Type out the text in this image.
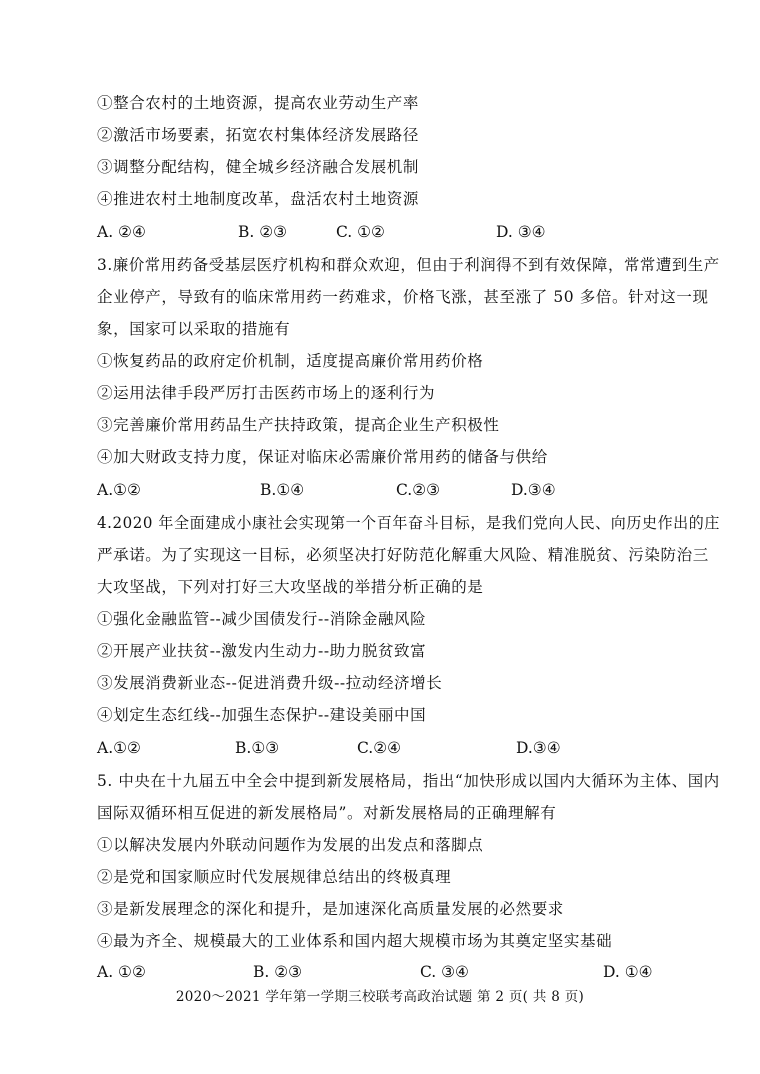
①整合农村的土地资源，提高农业劳动生产率
②激活市场要素，拓宽农村集体经济发展路径
③调整分配结构，健全城乡经济融合发展机制
④推进农村土地制度改革，盘活农村土地资源
A. ②④	B. ②③	C. ①②	D. ③④
3.廉价常用药备受基层医疗机构和群众欢迎，但由于利润得不到有效保障，常常遭到生产
企业停产，导致有的临床常用药一药难求，价格飞涨，甚至涨了 50 多倍。针对这一现
象，国家可以采取的措施有
①恢复药品的政府定价机制，适度提高廉价常用药价格
②运用法律手段严厉打击医药市场上的逐利行为
③完善廉价常用药品生产扶持政策，提高企业生产积极性
④加大财政支持力度，保证对临床必需廉价常用药的储备与供给
A.①②	B.①④	C.②③	D.③④
4.2020 年全面建成小康社会实现第一个百年奋斗目标，是我们党向人民、向历史作出的庄
严承诺。为了实现这一目标，必须坚决打好防范化解重大风险、精准脱贫、污染防治三
大攻坚战，下列对打好三大攻坚战的举措分析正确的是
①强化金融监管--减少国债发行--消除金融风险
②开展产业扶贫--激发内生动力--助力脱贫致富
③发展消费新业态--促进消费升级--拉动经济增长
④划定生态红线--加强生态保护--建设美丽中国
A.①②	B.①③	C.②④	D.③④
5. 中央在十九届五中全会中提到新发展格局，指出“加快形成以国内大循环为主体、国内
国际双循环相互促进的新发展格局”。对新发展格局的正确理解有
①以解决发展内外联动问题作为发展的出发点和落脚点
②是党和国家顺应时代发展规律总结出的终极真理
③是新发展理念的深化和提升，是加速深化高质量发展的必然要求
④最为齐全、规模最大的工业体系和国内超大规模市场为其奠定坚实基础
A. ①②	B. ②③	C. ③④	D. ①④
2020～2021 学年第一学期三校联考高政治试题 第 2 页( 共 8 页)
